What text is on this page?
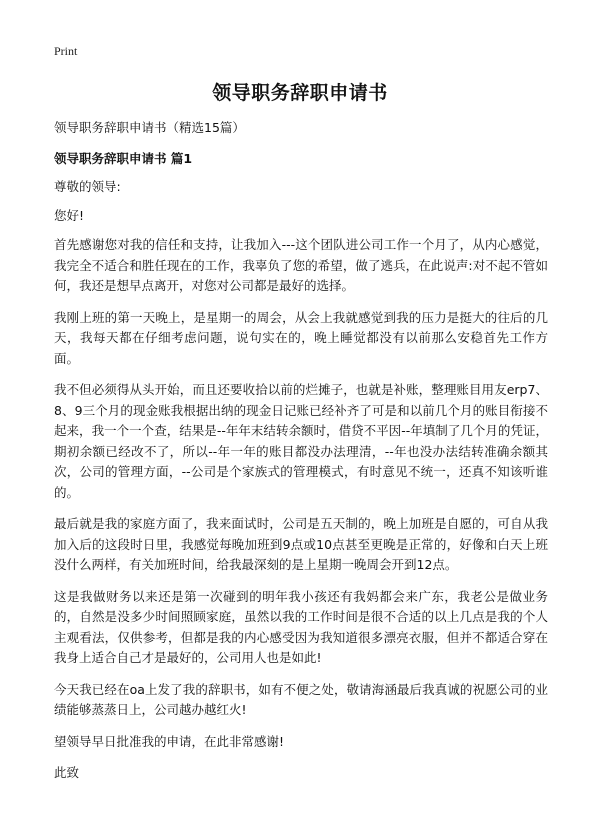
Print
领导职务辞职申请书

领导职务辞职申请书（精选15篇）

领导职务辞职申请书 篇1

尊敬的领导:

您好!

首先感谢您对我的信任和支持，让我加入---这个团队进公司工作一个月了，从内心感觉，我完全不适合和胜任现在的工作，我辜负了您的希望，做了逃兵，在此说声:对不起不管如何，我还是想早点离开，对您对公司都是最好的选择。

我刚上班的第一天晚上，是星期一的周会，从会上我就感觉到我的压力是挺大的往后的几天，我每天都在仔细考虑问题，说句实在的，晚上睡觉都没有以前那么安稳首先工作方面。

我不但必须得从头开始，而且还要收拾以前的烂摊子，也就是补账，整理账目用友erp7、8、9三个月的现金账我根据出纳的现金日记账已经补齐了可是和以前几个月的账目衔接不起来，我一个一个查，结果是--年年末结转余额时，借贷不平因--年填制了几个月的凭证，期初余额已经改不了，所以--年一年的账目都没办法理清，--年也没办法结转准确余额其次，公司的管理方面，--公司是个家族式的管理模式，有时意见不统一，还真不知该听谁的。

最后就是我的家庭方面了，我来面试时，公司是五天制的，晚上加班是自愿的，可自从我加入后的这段时日里，我感觉每晚加班到9点或10点甚至更晚是正常的，好像和白天上班没什么两样，有关加班时间，给我最深刻的是上星期一晚周会开到12点。

这是我做财务以来还是第一次碰到的明年我小孩还有我妈都会来广东，我老公是做业务的，自然是没多少时间照顾家庭，虽然以我的工作时间是很不合适的以上几点是我的个人主观看法，仅供参考，但都是我的内心感受因为我知道很多漂亮衣服，但并不都适合穿在我身上适合自己才是最好的，公司用人也是如此!

今天我已经在oa上发了我的辞职书，如有不便之处，敬请海涵最后我真诚的祝愿公司的业绩能够蒸蒸日上，公司越办越红火!

望领导早日批准我的申请，在此非常感谢!

此致
